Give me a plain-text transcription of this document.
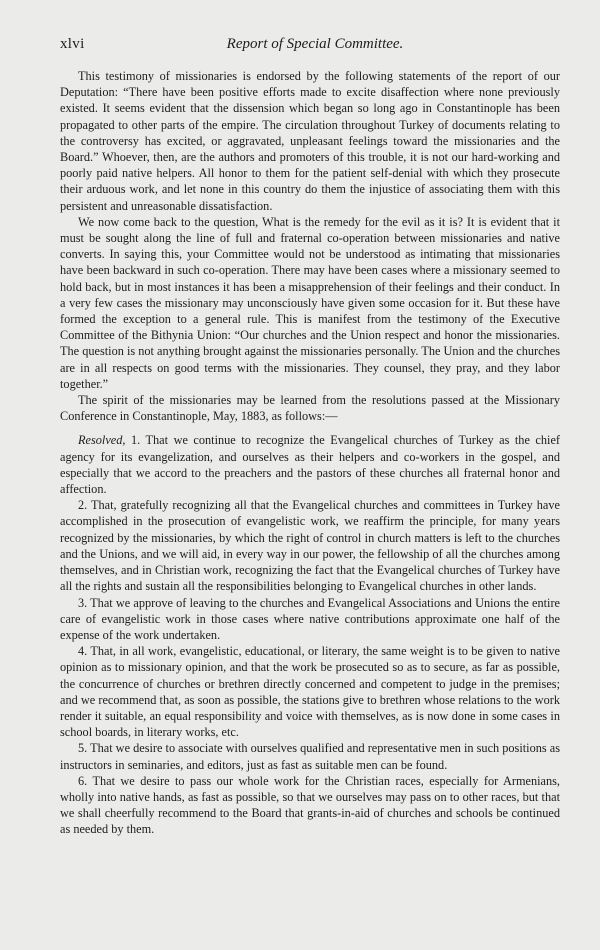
xlvi	Report of Special Committee.

This testimony of missionaries is endorsed by the following statements of the report of our Deputation: “There have been positive efforts made to excite disaffection where none previously existed. It seems evident that the dissension which began so long ago in Constantinople has been propagated to other parts of the empire. The circulation throughout Turkey of documents relating to the controversy has excited, or aggravated, unpleasant feelings toward the missionaries and the Board.” Whoever, then, are the authors and promoters of this trouble, it is not our hard-working and poorly paid native helpers. All honor to them for the patient self-denial with which they prosecute their arduous work, and let none in this country do them the injustice of associating them with this persistent and unreasonable dissatisfaction.

We now come back to the question, What is the remedy for the evil as it is? It is evident that it must be sought along the line of full and fraternal co-operation between missionaries and native converts. In saying this, your Committee would not be understood as intimating that missionaries have been backward in such co-operation. There may have been cases where a missionary seemed to hold back, but in most instances it has been a misapprehension of their feelings and their conduct. In a very few cases the missionary may unconsciously have given some occasion for it. But these have formed the exception to a general rule. This is manifest from the testimony of the Executive Committee of the Bithynia Union: “Our churches and the Union respect and honor the missionaries. The question is not anything brought against the missionaries personally. The Union and the churches are in all respects on good terms with the missionaries. They counsel, they pray, and they labor together.”

The spirit of the missionaries may be learned from the resolutions passed at the Missionary Conference in Constantinople, May, 1883, as follows:—

Resolved, 1. That we continue to recognize the Evangelical churches of Turkey as the chief agency for its evangelization, and ourselves as their helpers and co-workers in the gospel, and especially that we accord to the preachers and the pastors of these churches all fraternal honor and affection.

2. That, gratefully recognizing all that the Evangelical churches and committees in Turkey have accomplished in the prosecution of evangelistic work, we reaffirm the principle, for many years recognized by the missionaries, by which the right of control in church matters is left to the churches and the Unions, and we will aid, in every way in our power, the fellowship of all the churches among themselves, and in Christian work, recognizing the fact that the Evangelical churches of Turkey have all the rights and sustain all the responsibilities belonging to Evangelical churches in other lands.

3. That we approve of leaving to the churches and Evangelical Associations and Unions the entire care of evangelistic work in those cases where native contributions approximate one half of the expense of the work undertaken.

4. That, in all work, evangelistic, educational, or literary, the same weight is to be given to native opinion as to missionary opinion, and that the work be prosecuted so as to secure, as far as possible, the concurrence of churches or brethren directly concerned and competent to judge in the premises; and we recommend that, as soon as possible, the stations give to brethren whose relations to the work render it suitable, an equal responsibility and voice with themselves, as is now done in some cases in school boards, in literary works, etc.

5. That we desire to associate with ourselves qualified and representative men in such positions as instructors in seminaries, and editors, just as fast as suitable men can be found.

6. That we desire to pass our whole work for the Christian races, especially for Armenians, wholly into native hands, as fast as possible, so that we ourselves may pass on to other races, but that we shall cheerfully recommend to the Board that grants-in-aid of churches and schools be continued as needed by them.
